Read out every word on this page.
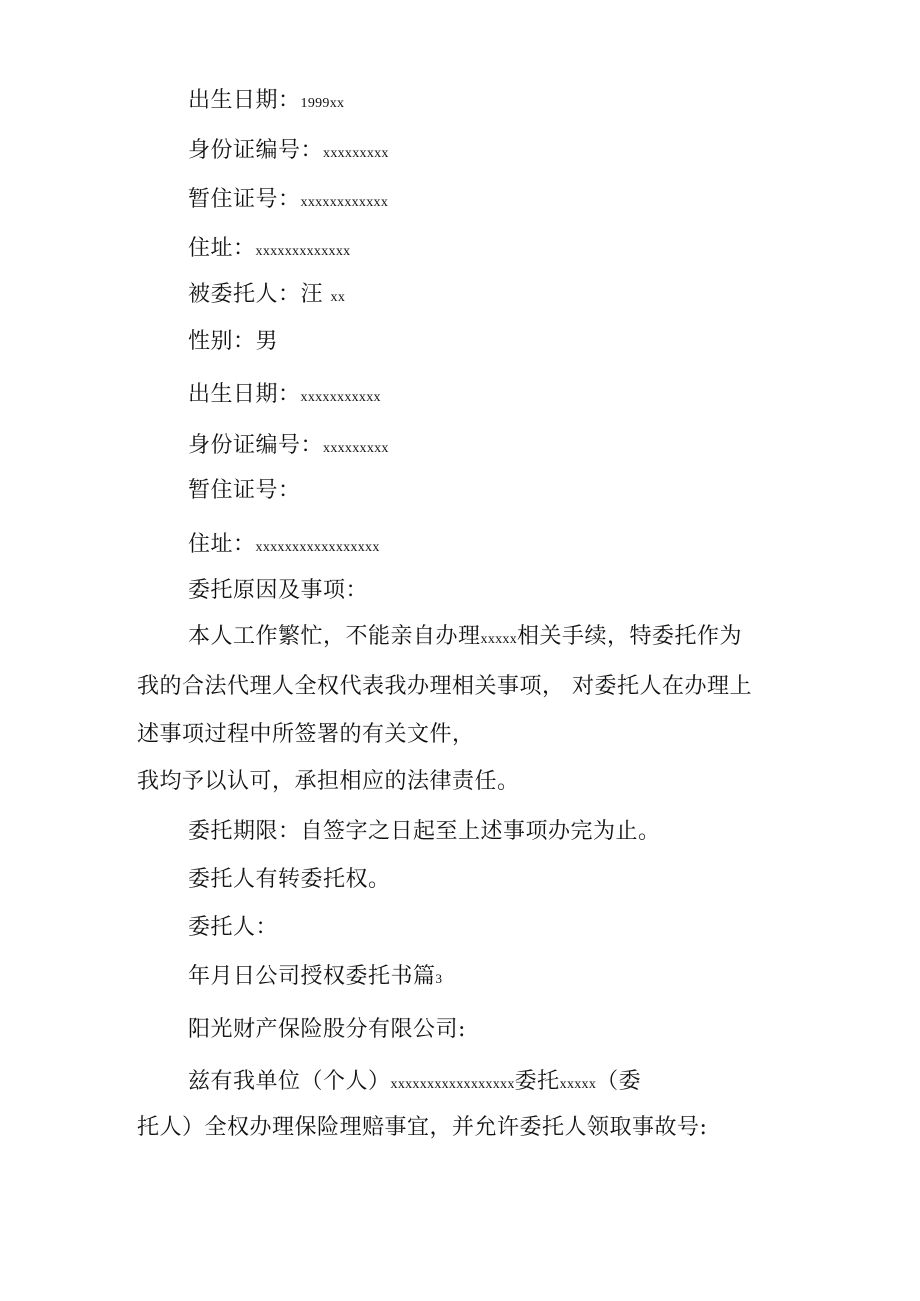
出生日期：1999xx
身份证编号：xxxxxxxxx
暂住证号：xxxxxxxxxxxx
住址：xxxxxxxxxxxxx
被委托人：汪 xx
性别：男
出生日期：xxxxxxxxxxx
身份证编号：xxxxxxxxx
暂住证号：
住址：xxxxxxxxxxxxxxxxx
委托原因及事项：
本人工作繁忙，不能亲自办理xxxxx相关手续，特委托作为
我的合法代理人全权代表我办理相关事项， 对委托人在办理上
述事项过程中所签署的有关文件，
我均予以认可，承担相应的法律责任。
委托期限：自签字之日起至上述事项办完为止。
委托人有转委托权。
委托人：
年月日公司授权委托书篇3
阳光财产保险股分有限公司:
兹有我单位（个人）xxxxxxxxxxxxxxxxx委托xxxxx（委
托人）全权办理保险理赔事宜，并允许委托人领取事故号:
